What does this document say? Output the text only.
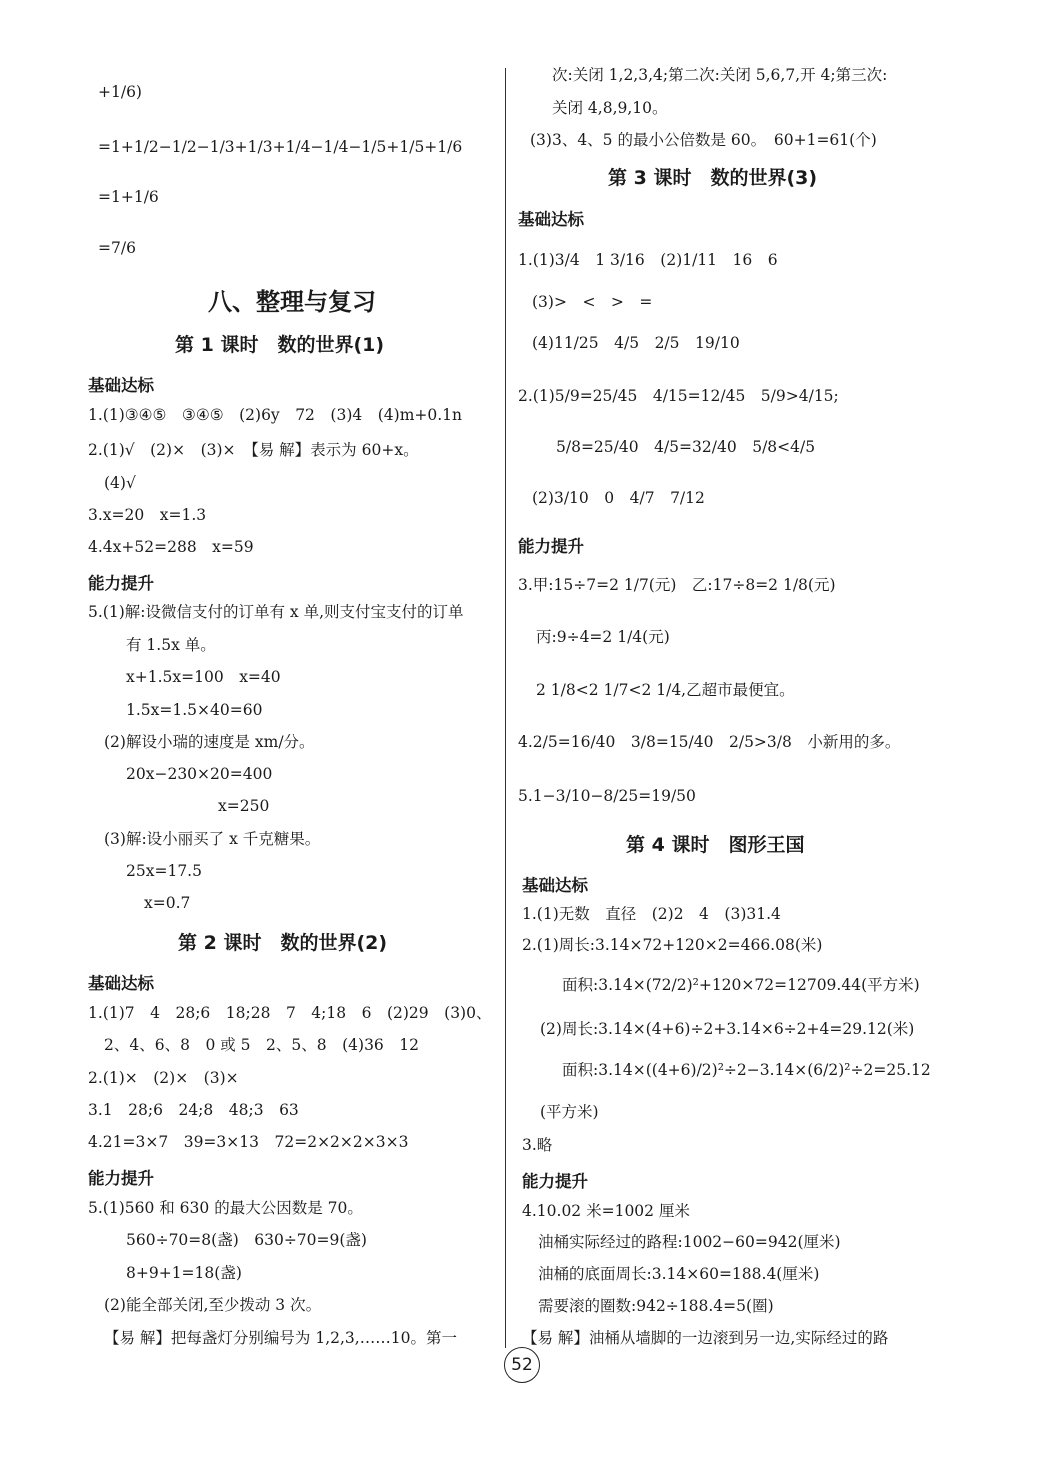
+1/6)
=1+1/2−1/2−1/3+1/3+1/4−1/4−1/5+1/5+1/6
=1+1/6
=7/6
八、整理与复习
第 1 课时　数的世界(1)
基础达标
1.(1)③④⑤　③④⑤　(2)6y　72　(3)4　(4)m+0.1n
2.(1)√　(2)×　(3)×　【易 解】表示为 60+x。
(4)√
3.x=20　x=1.3
4.4x+52=288　x=59
能力提升
5.(1)解:设微信支付的订单有 x 单,则支付宝支付的订单
有 1.5x 单。
x+1.5x=100　x=40
1.5x=1.5×40=60
(2)解设小瑞的速度是 xm/分。
20x−230×20=400
x=250
(3)解:设小丽买了 x 千克糖果。
25x=17.5
x=0.7
第 2 课时　数的世界(2)
基础达标
1.(1)7　4　28;6　18;28　7　4;18　6　(2)29　(3)0、
2、4、6、8　0 或 5　2、5、8　(4)36　12
2.(1)×　(2)×　(3)×
3.1　28;6　24;8　48;3　63
4.21=3×7　39=3×13　72=2×2×2×3×3
能力提升
5.(1)560 和 630 的最大公因数是 70。
560÷70=8(盏)　630÷70=9(盏)
8+9+1=18(盏)
(2)能全部关闭,至少拨动 3 次。
【易 解】把每盏灯分别编号为 1,2,3,……10。第一
次:关闭 1,2,3,4;第二次:关闭 5,6,7,开 4;第三次:
关闭 4,8,9,10。
(3)3、4、5 的最小公倍数是 60。　60+1=61(个)
第 3 课时　数的世界(3)
基础达标
1.(1)3/4　1 3/16　(2)1/11　16　6
(3)>　<　>　=
(4)11/25　4/5　2/5　19/10
2.(1)5/9=25/45　4/15=12/45　5/9>4/15;
5/8=25/40　4/5=32/40　5/8<4/5
(2)3/10　0　4/7　7/12
能力提升
3.甲:15÷7=2 1/7(元)　乙:17÷8=2 1/8(元)
丙:9÷4=2 1/4(元)
2 1/8<2 1/7<2 1/4,乙超市最便宜。
4.2/5=16/40　3/8=15/40　2/5>3/8　小新用的多。
5.1−3/10−8/25=19/50
第 4 课时　图形王国
基础达标
1.(1)无数　直径　(2)2　4　(3)31.4
2.(1)周长:3.14×72+120×2=466.08(米)
面积:3.14×(72/2)²+120×72=12709.44(平方米)
(2)周长:3.14×(4+6)÷2+3.14×6÷2+4=29.12(米)
面积:3.14×((4+6)/2)²÷2−3.14×(6/2)²÷2=25.12
(平方米)
3.略
能力提升
4.10.02 米=1002 厘米
油桶实际经过的路程:1002−60=942(厘米)
油桶的底面周长:3.14×60=188.4(厘米)
需要滚的圈数:942÷188.4=5(圈)
【易 解】油桶从墙脚的一边滚到另一边,实际经过的路
52
